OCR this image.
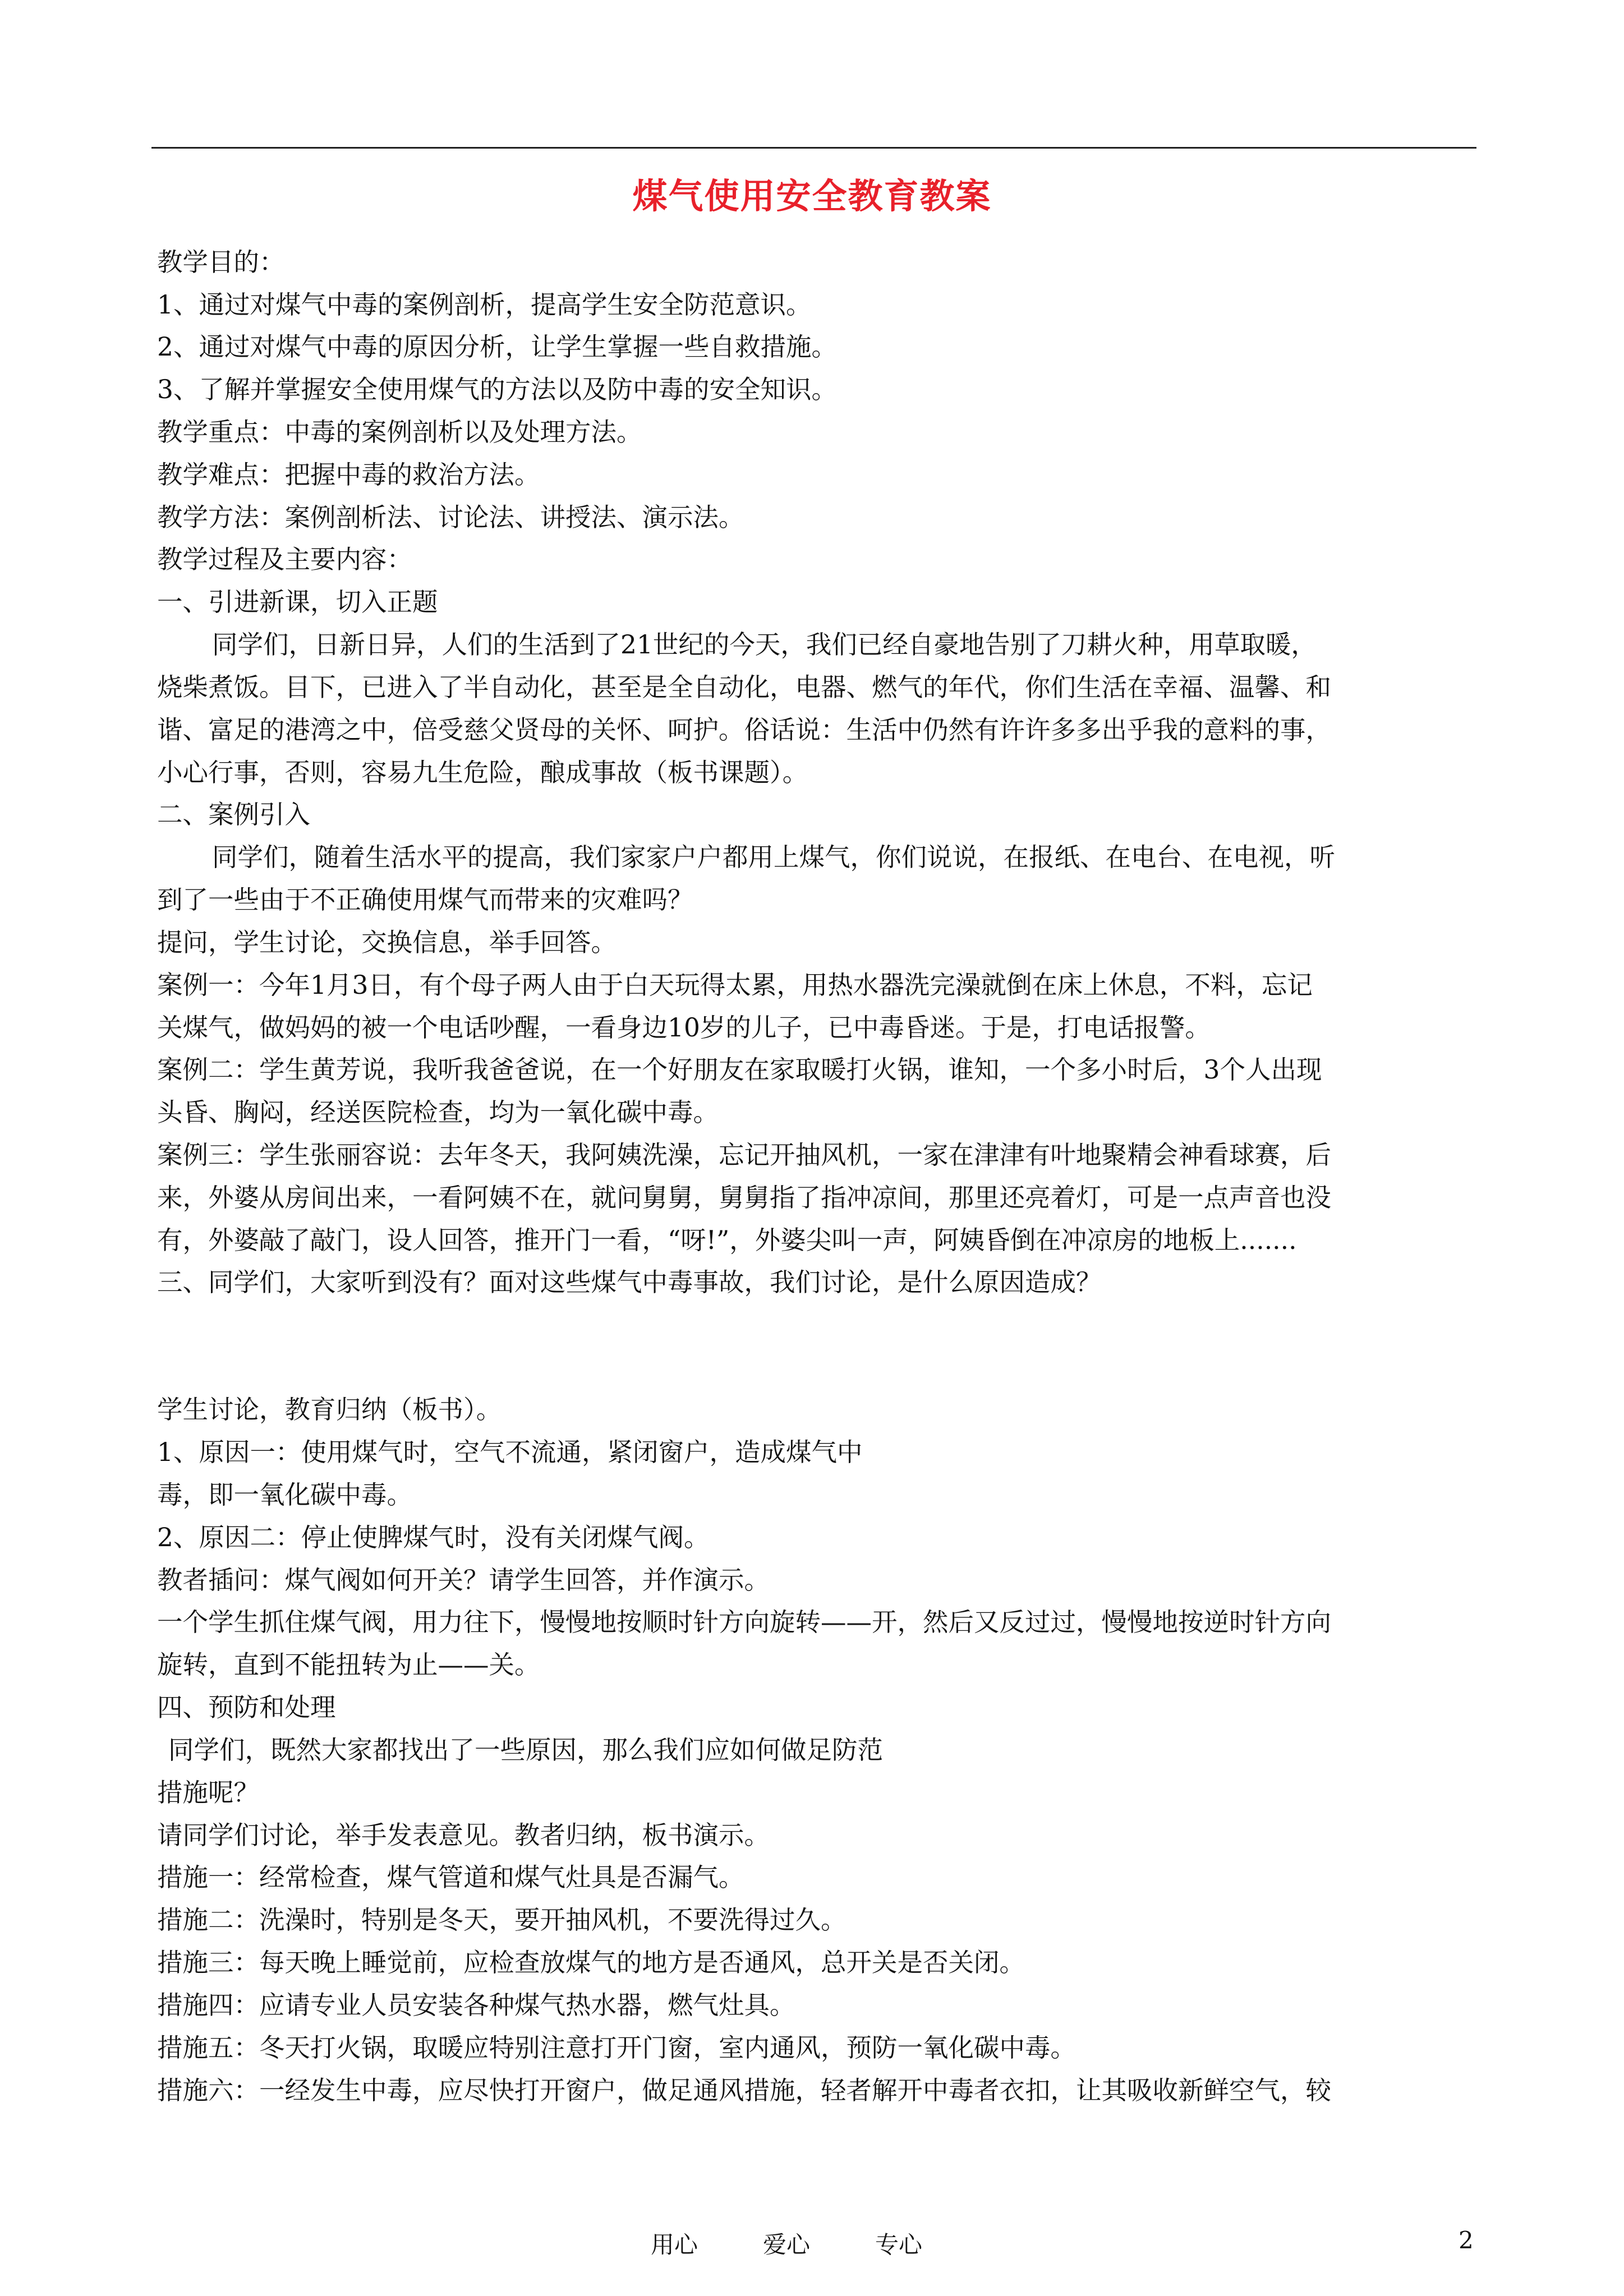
煤气使用安全教育教案
教学目的：
1、通过对煤气中毒的案例剖析，提高学生安全防范意识。
2、通过对煤气中毒的原因分析，让学生掌握一些自救措施。
3、了解并掌握安全使用煤气的方法以及防中毒的安全知识。
教学重点：中毒的案例剖析以及处理方法。
教学难点：把握中毒的救治方法。
教学方法：案例剖析法、讨论法、讲授法、演示法。
教学过程及主要内容：
一、引进新课，切入正题
同学们，日新日异，人们的生活到了21世纪的今天，我们已经自豪地告别了刀耕火种，用草取暖，
烧柴煮饭。目下，已进入了半自动化，甚至是全自动化，电器、燃气的年代，你们生活在幸福、温馨、和
谐、富足的港湾之中，倍受慈父贤母的关怀、呵护。俗话说：生活中仍然有许许多多出乎我的意料的事，
小心行事，否则，容易九生危险，酿成事故（板书课题）。
二、案例引入
同学们，随着生活水平的提高，我们家家户户都用上煤气，你们说说，在报纸、在电台、在电视，听
到了一些由于不正确使用煤气而带来的灾难吗？
提问，学生讨论，交换信息，举手回答。
案例一：今年1月3日，有个母子两人由于白天玩得太累，用热水器洗完澡就倒在床上休息，不料，忘记
关煤气，做妈妈的被一个电话吵醒，一看身边10岁的儿子，已中毒昏迷。于是，打电话报警。
案例二：学生黄芳说，我听我爸爸说，在一个好朋友在家取暖打火锅，谁知，一个多小时后，3个人出现
头昏、胸闷，经送医院检查，均为一氧化碳中毒。
案例三：学生张丽容说：去年冬天，我阿姨洗澡，忘记开抽风机，一家在津津有叶地聚精会神看球赛，后
来，外婆从房间出来，一看阿姨不在，就问舅舅，舅舅指了指冲凉间，那里还亮着灯，可是一点声音也没
有，外婆敲了敲门，设人回答，推开门一看，“呀!”，外婆尖叫一声，阿姨昏倒在冲凉房的地板上.......
三、同学们，大家听到没有？面对这些煤气中毒事故，我们讨论，是什么原因造成？
学生讨论，教育归纳（板书）。
1、原因一：使用煤气时，空气不流通，紧闭窗户，造成煤气中
毒，即一氧化碳中毒。
2、原因二：停止使脾煤气时，没有关闭煤气阀。
教者插问：煤气阀如何开关？请学生回答，并作演示。
一个学生抓住煤气阀，用力往下，慢慢地按顺时针方向旋转——开，然后又反过过，慢慢地按逆时针方向
旋转，直到不能扭转为止——关。
四、预防和处理
同学们，既然大家都找出了一些原因，那么我们应如何做足防范
措施呢？
请同学们讨论，举手发表意见。教者归纳，板书演示。
措施一：经常检查，煤气管道和煤气灶具是否漏气。
措施二：洗澡时，特别是冬天，要开抽风机，不要洗得过久。
措施三：每天晚上睡觉前，应检查放煤气的地方是否通风，总开关是否关闭。
措施四：应请专业人员安装各种煤气热水器，燃气灶具。
措施五：冬天打火锅，取暖应特别注意打开门窗，室内通风，预防一氧化碳中毒。
措施六：一经发生中毒，应尽快打开窗户，做足通风措施，轻者解开中毒者衣扣，让其吸收新鲜空气，较
用心	爱心	专心	2
